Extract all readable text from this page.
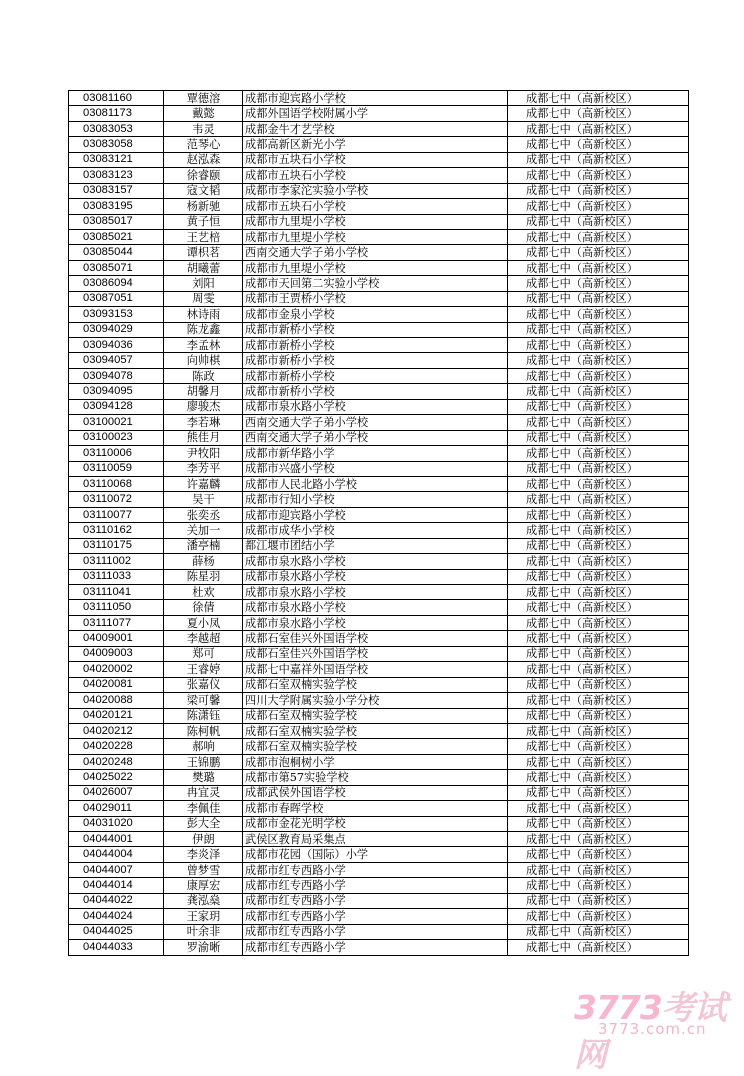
03081160	覃德溶	成都市迎宾路小学校	成都七中（高新校区）
03081173	戴懿	成都外国语学校附属小学	成都七中（高新校区）
03083053	韦灵	成都金牛才艺学校	成都七中（高新校区）
03083058	范琴心	成都高新区新光小学	成都七中（高新校区）
03083121	赵泓森	成都市五块石小学校	成都七中（高新校区）
03083123	徐睿颐	成都市五块石小学校	成都七中（高新校区）
03083157	寇文韬	成都市李家沱实验小学校	成都七中（高新校区）
03083195	杨新驰	成都市五块石小学校	成都七中（高新校区）
03085017	黄子恒	成都市九里堤小学校	成都七中（高新校区）
03085021	王艺棓	成都市九里堤小学校	成都七中（高新校区）
03085044	谭枳茗	西南交通大学子弟小学校	成都七中（高新校区）
03085071	胡曦蕾	成都市九里堤小学校	成都七中（高新校区）
03086094	刘阳	成都市天回第二实验小学校	成都七中（高新校区）
03087051	周雯	成都市王贾桥小学校	成都七中（高新校区）
03093153	林诗雨	成都市金泉小学校	成都七中（高新校区）
03094029	陈龙鑫	成都市新桥小学校	成都七中（高新校区）
03094036	李孟林	成都市新桥小学校	成都七中（高新校区）
03094057	向帅棋	成都市新桥小学校	成都七中（高新校区）
03094078	陈政	成都市新桥小学校	成都七中（高新校区）
03094095	胡馨月	成都市新桥小学校	成都七中（高新校区）
03094128	廖骏杰	成都市泉水路小学校	成都七中（高新校区）
03100021	李若琳	西南交通大学子弟小学校	成都七中（高新校区）
03100023	熊佳月	西南交通大学子弟小学校	成都七中（高新校区）
03110006	尹牧阳	成都市新华路小学	成都七中（高新校区）
03110059	李芳平	成都市兴盛小学校	成都七中（高新校区）
03110068	许嘉麟	成都市人民北路小学校	成都七中（高新校区）
03110072	吴干	成都市行知小学校	成都七中（高新校区）
03110077	张奕丞	成都市迎宾路小学校	成都七中（高新校区）
03110162	关加一	成都市成华小学校	成都七中（高新校区）
03110175	潘亭楠	都江堰市团结小学	成都七中（高新校区）
03111002	薛杨	成都市泉水路小学校	成都七中（高新校区）
03111033	陈星羽	成都市泉水路小学校	成都七中（高新校区）
03111041	杜欢	成都市泉水路小学校	成都七中（高新校区）
03111050	徐倩	成都市泉水路小学校	成都七中（高新校区）
03111077	夏小凤	成都市泉水路小学校	成都七中（高新校区）
04009001	李越超	成都石室佳兴外国语学校	成都七中（高新校区）
04009003	郑可	成都石室佳兴外国语学校	成都七中（高新校区）
04020002	王睿婷	成都七中嘉祥外国语学校	成都七中（高新校区）
04020081	张嘉仪	成都石室双楠实验学校	成都七中（高新校区）
04020088	梁可馨	四川大学附属实验小学分校	成都七中（高新校区）
04020121	陈潇钰	成都石室双楠实验学校	成都七中（高新校区）
04020212	陈柯帆	成都石室双楠实验学校	成都七中（高新校区）
04020228	郝响	成都石室双楠实验学校	成都七中（高新校区）
04020248	王锦鹏	成都市泡桐树小学	成都七中（高新校区）
04025022	樊璐	成都市第57实验学校	成都七中（高新校区）
04026007	冉宜灵	成都武侯外国语学校	成都七中（高新校区）
04029011	李佩佳	成都市春晖学校	成都七中（高新校区）
04031020	彭大全	成都市金花光明学校	成都七中（高新校区）
04044001	伊朗	武侯区教育局采集点	成都七中（高新校区）
04044004	李炎泽	成都市花园（国际）小学	成都七中（高新校区）
04044007	曾梦雪	成都市红专西路小学	成都七中（高新校区）
04044014	康厚宏	成都市红专西路小学	成都七中（高新校区）
04044022	龚泓燊	成都市红专西路小学	成都七中（高新校区）
04044024	王家玥	成都市红专西路小学	成都七中（高新校区）
04044025	叶余非	成都市红专西路小学	成都七中（高新校区）
04044033	罗渝晰	成都市红专西路小学	成都七中（高新校区）
3773考试网
3773.com.cn
